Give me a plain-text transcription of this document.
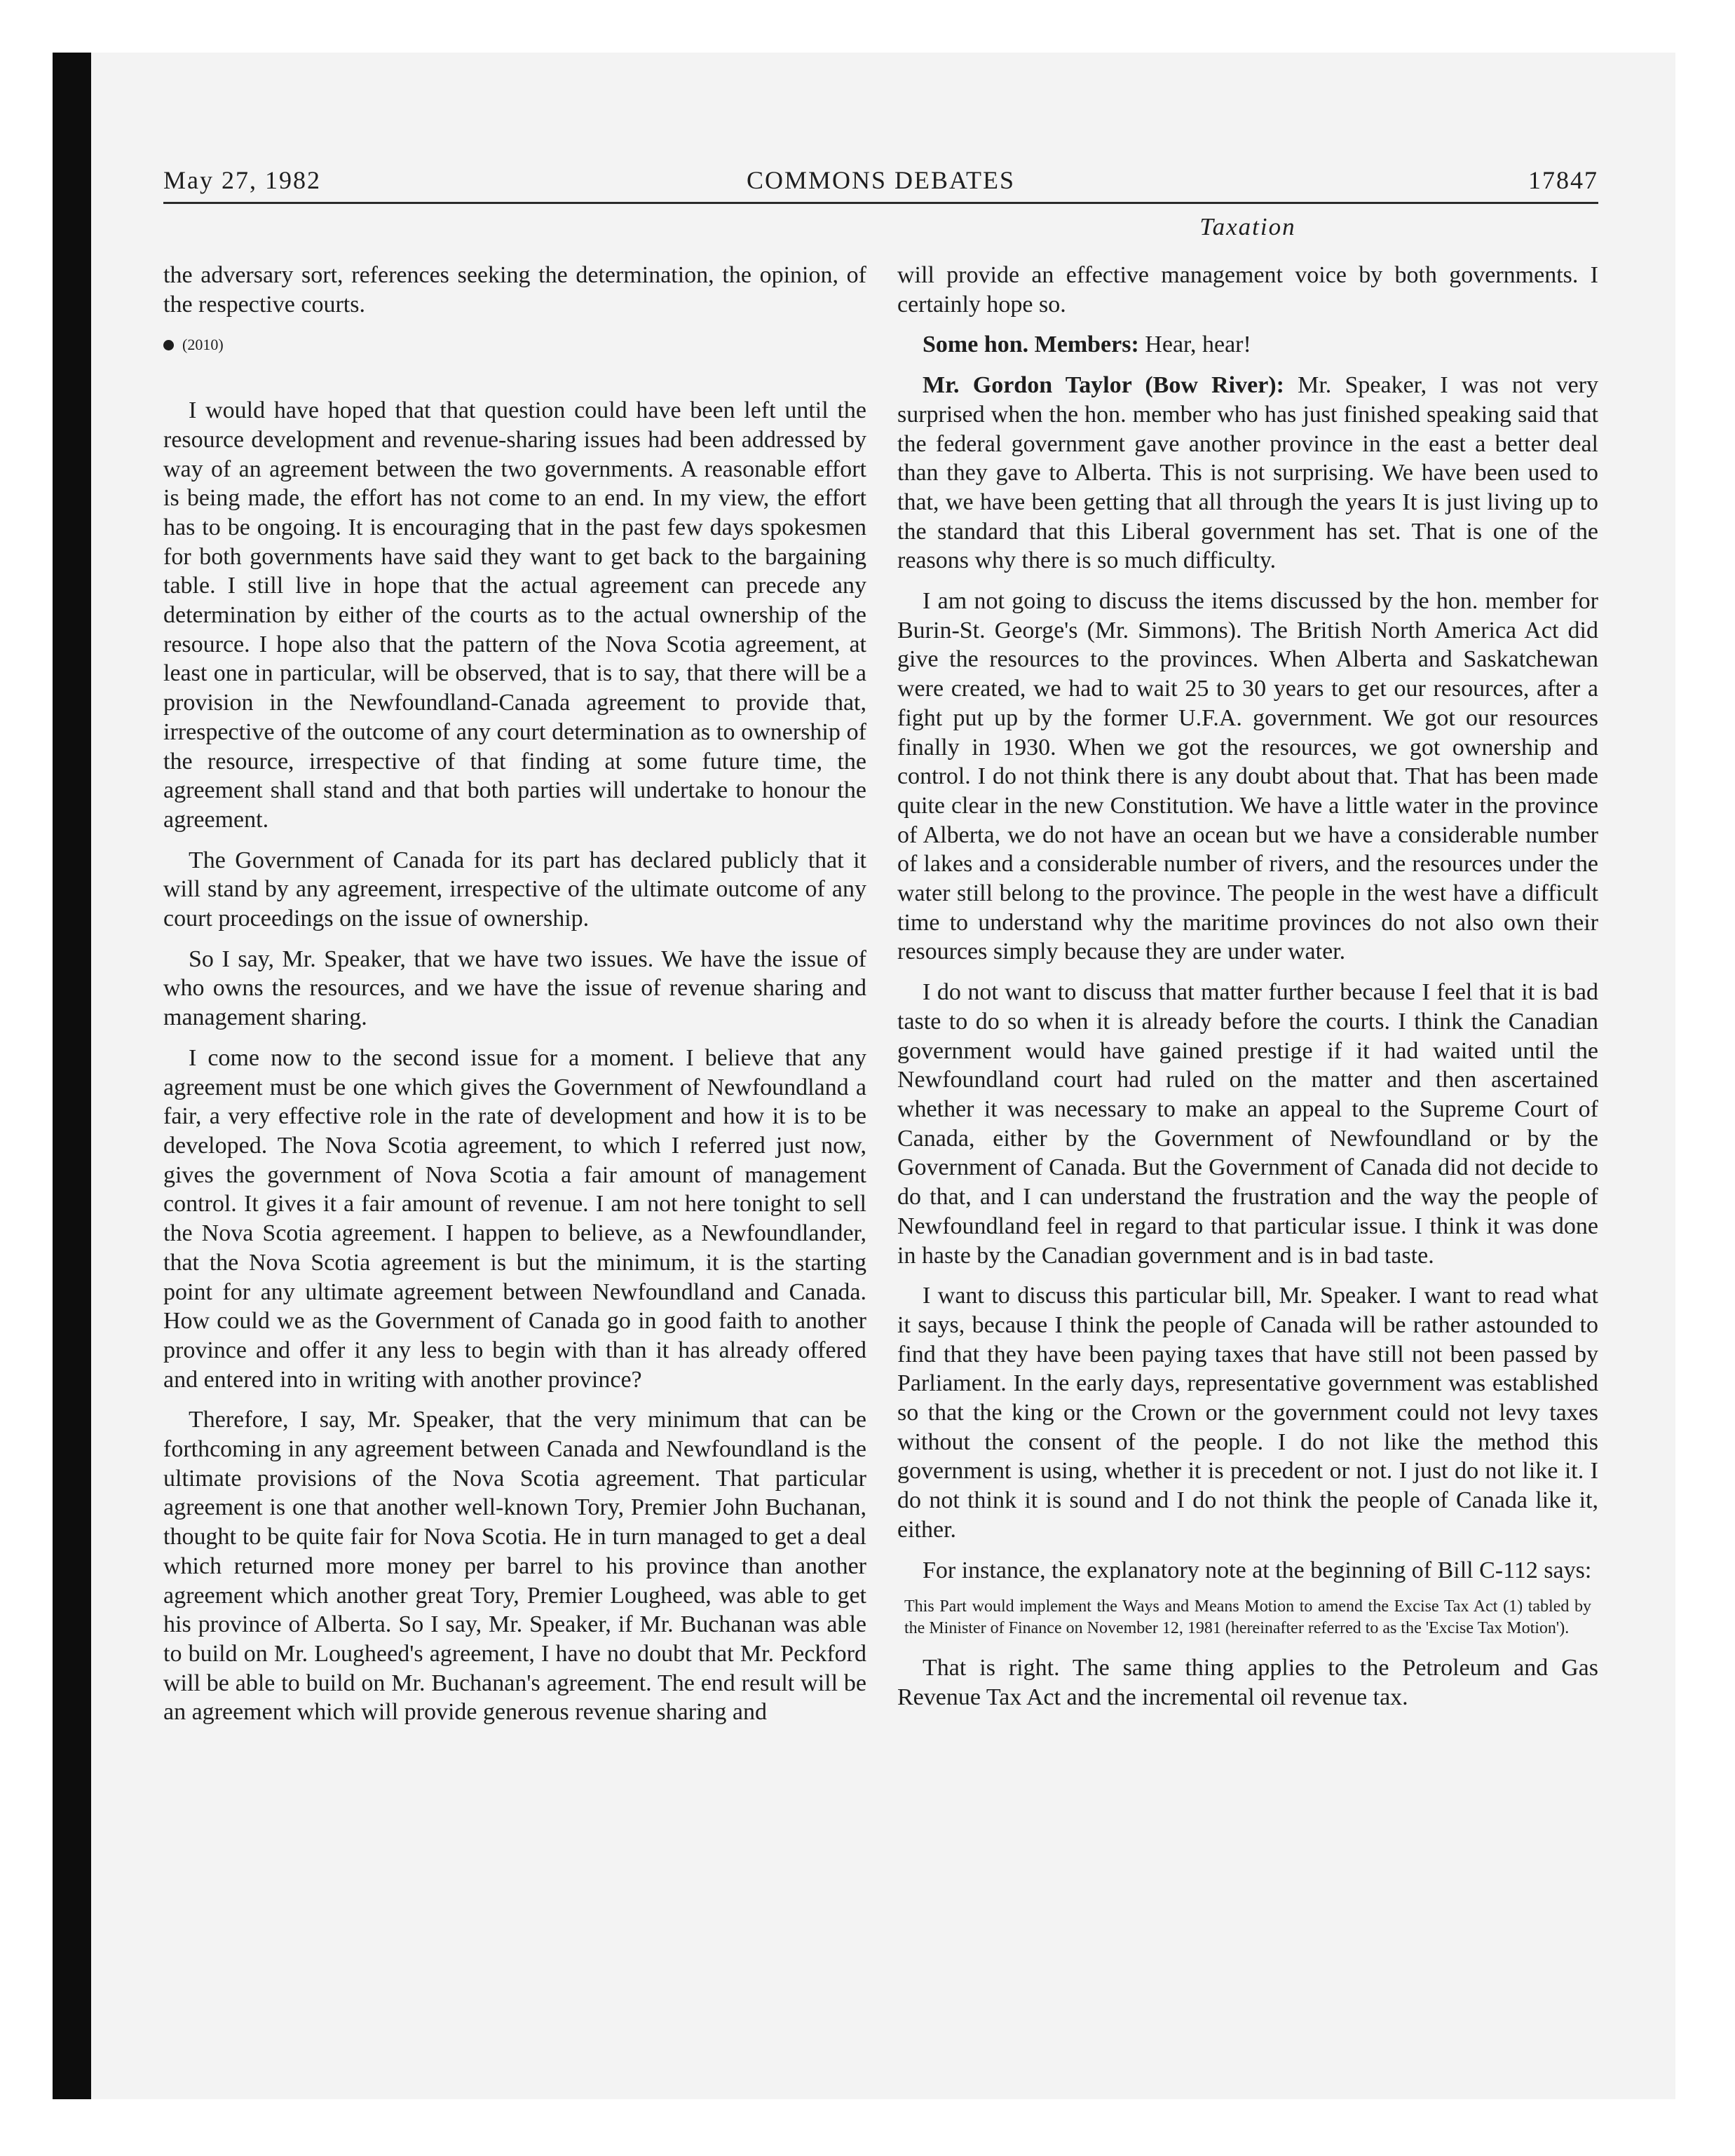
May 27, 1982	COMMONS DEBATES	17847
Taxation

the adversary sort, references seeking the determination, the opinion, of the respective courts.

(2010)

I would have hoped that that question could have been left until the resource development and revenue-sharing issues had been addressed by way of an agreement between the two governments. A reasonable effort is being made, the effort has not come to an end. In my view, the effort has to be ongoing. It is encouraging that in the past few days spokesmen for both governments have said they want to get back to the bargaining table. I still live in hope that the actual agreement can precede any determination by either of the courts as to the actual ownership of the resource. I hope also that the pattern of the Nova Scotia agreement, at least one in particular, will be observed, that is to say, that there will be a provision in the Newfoundland-Canada agreement to provide that, irrespective of the outcome of any court determination as to ownership of the resource, irrespective of that finding at some future time, the agreement shall stand and that both parties will undertake to honour the agreement.

The Government of Canada for its part has declared publicly that it will stand by any agreement, irrespective of the ultimate outcome of any court proceedings on the issue of ownership.

So I say, Mr. Speaker, that we have two issues. We have the issue of who owns the resources, and we have the issue of revenue sharing and management sharing.

I come now to the second issue for a moment. I believe that any agreement must be one which gives the Government of Newfoundland a fair, a very effective role in the rate of development and how it is to be developed. The Nova Scotia agreement, to which I referred just now, gives the government of Nova Scotia a fair amount of management control. It gives it a fair amount of revenue. I am not here tonight to sell the Nova Scotia agreement. I happen to believe, as a Newfoundlander, that the Nova Scotia agreement is but the minimum, it is the starting point for any ultimate agreement between Newfoundland and Canada. How could we as the Government of Canada go in good faith to another province and offer it any less to begin with than it has already offered and entered into in writing with another province?

Therefore, I say, Mr. Speaker, that the very minimum that can be forthcoming in any agreement between Canada and Newfoundland is the ultimate provisions of the Nova Scotia agreement. That particular agreement is one that another well-known Tory, Premier John Buchanan, thought to be quite fair for Nova Scotia. He in turn managed to get a deal which returned more money per barrel to his province than another agreement which another great Tory, Premier Lougheed, was able to get his province of Alberta. So I say, Mr. Speaker, if Mr. Buchanan was able to build on Mr. Lougheed's agreement, I have no doubt that Mr. Peckford will be able to build on Mr. Buchanan's agreement. The end result will be an agreement which will provide generous revenue sharing and

will provide an effective management voice by both governments. I certainly hope so.

Some hon. Members: Hear, hear!

Mr. Gordon Taylor (Bow River): Mr. Speaker, I was not very surprised when the hon. member who has just finished speaking said that the federal government gave another province in the east a better deal than they gave to Alberta. This is not surprising. We have been used to that, we have been getting that all through the years It is just living up to the standard that this Liberal government has set. That is one of the reasons why there is so much difficulty.

I am not going to discuss the items discussed by the hon. member for Burin-St. George's (Mr. Simmons). The British North America Act did give the resources to the provinces. When Alberta and Saskatchewan were created, we had to wait 25 to 30 years to get our resources, after a fight put up by the former U.F.A. government. We got our resources finally in 1930. When we got the resources, we got ownership and control. I do not think there is any doubt about that. That has been made quite clear in the new Constitution. We have a little water in the province of Alberta, we do not have an ocean but we have a considerable number of lakes and a considerable number of rivers, and the resources under the water still belong to the province. The people in the west have a difficult time to understand why the maritime provinces do not also own their resources simply because they are under water.

I do not want to discuss that matter further because I feel that it is bad taste to do so when it is already before the courts. I think the Canadian government would have gained prestige if it had waited until the Newfoundland court had ruled on the matter and then ascertained whether it was necessary to make an appeal to the Supreme Court of Canada, either by the Government of Newfoundland or by the Government of Canada. But the Government of Canada did not decide to do that, and I can understand the frustration and the way the people of Newfoundland feel in regard to that particular issue. I think it was done in haste by the Canadian government and is in bad taste.

I want to discuss this particular bill, Mr. Speaker. I want to read what it says, because I think the people of Canada will be rather astounded to find that they have been paying taxes that have still not been passed by Parliament. In the early days, representative government was established so that the king or the Crown or the government could not levy taxes without the consent of the people. I do not like the method this government is using, whether it is precedent or not. I just do not like it. I do not think it is sound and I do not think the people of Canada like it, either.

For instance, the explanatory note at the beginning of Bill C-112 says:

This Part would implement the Ways and Means Motion to amend the Excise Tax Act (1) tabled by the Minister of Finance on November 12, 1981 (hereinafter referred to as the 'Excise Tax Motion').

That is right. The same thing applies to the Petroleum and Gas Revenue Tax Act and the incremental oil revenue tax.
